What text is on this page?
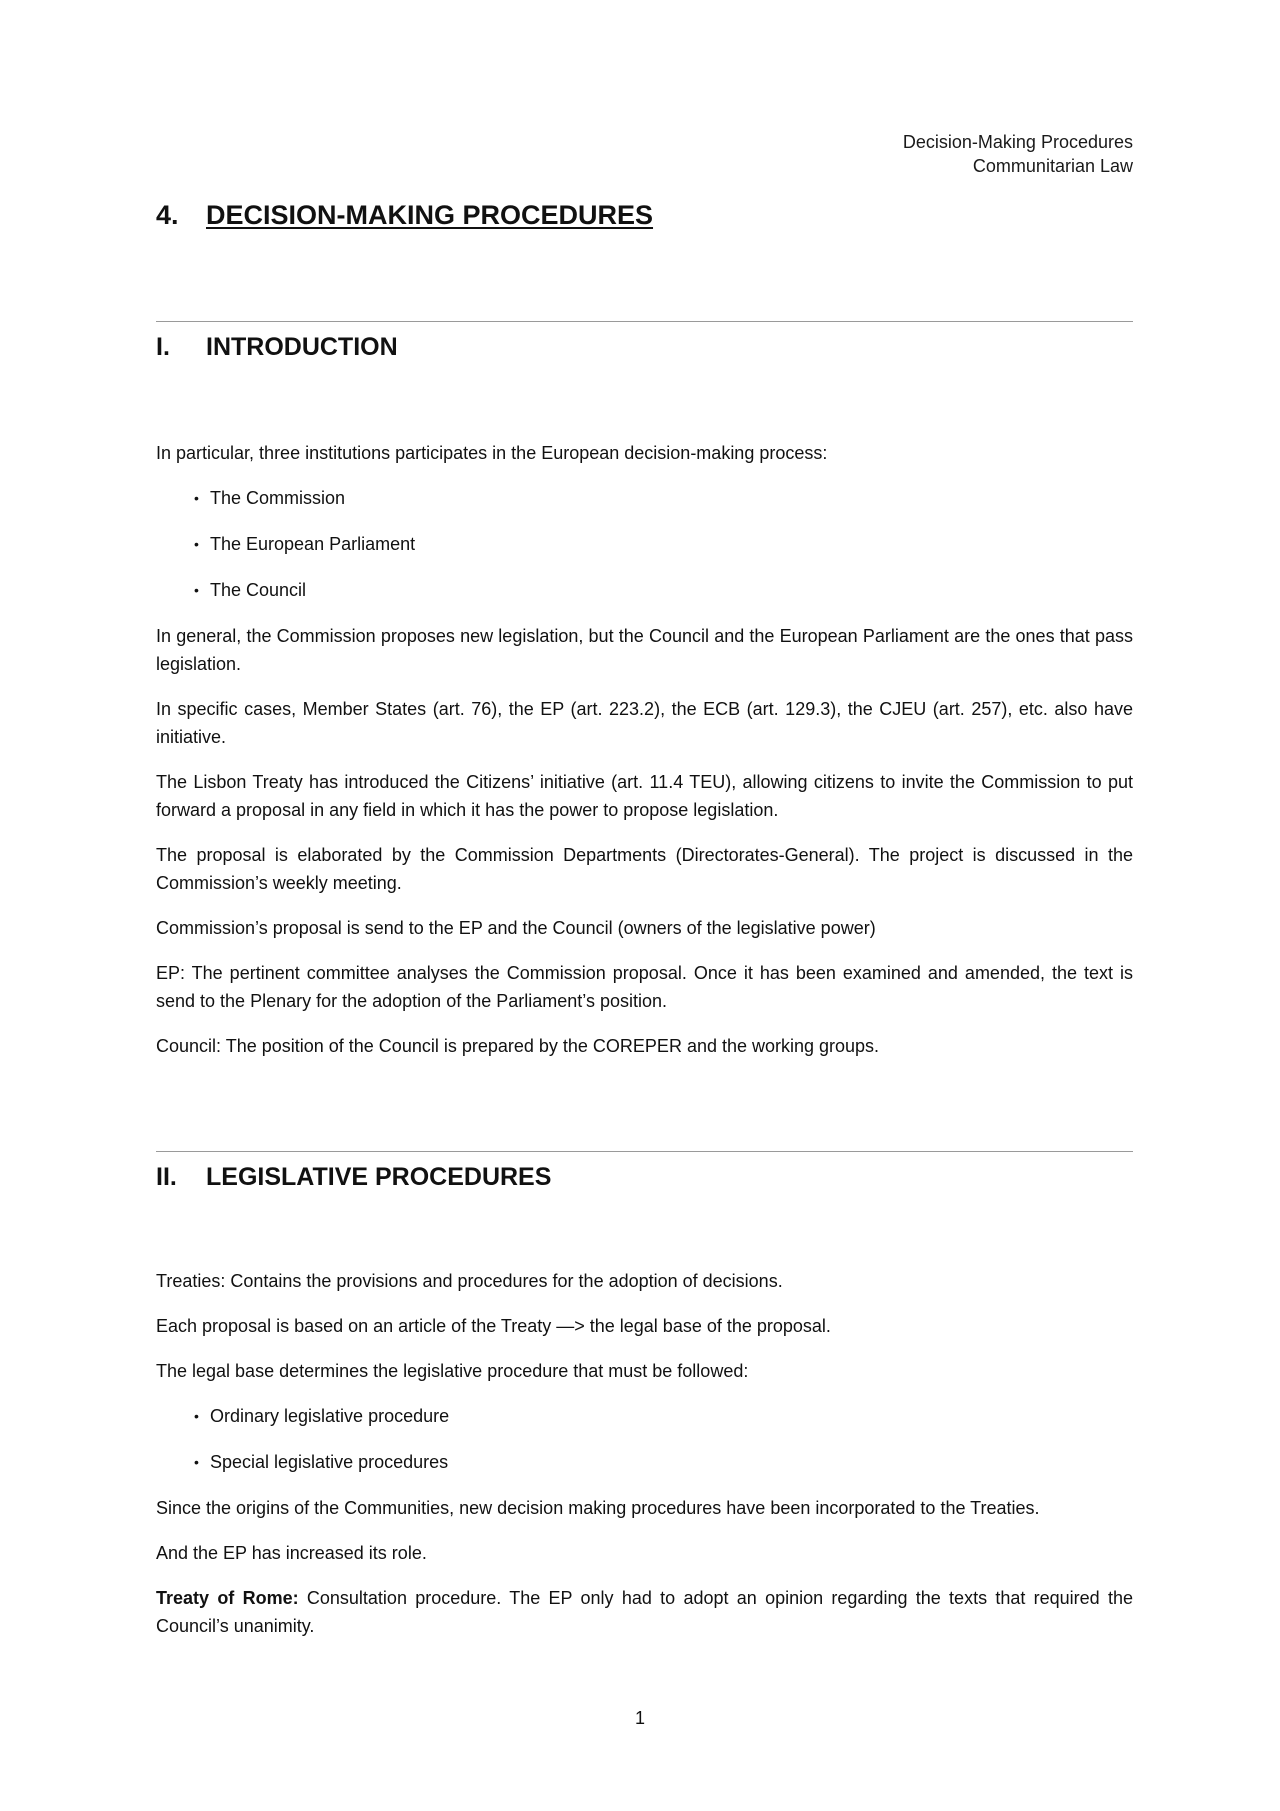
Decision-Making Procedures
Communitarian Law
4. DECISION-MAKING PROCEDURES
I. INTRODUCTION

In particular, three institutions participates in the European decision-making process:

• The Commission
• The European Parliament
• The Council

In general, the Commission proposes new legislation, but the Council and the European Parliament are the ones that pass legislation.

In specific cases, Member States (art. 76), the EP (art. 223.2), the ECB (art. 129.3), the CJEU (art. 257), etc. also have initiative.

The Lisbon Treaty has introduced the Citizens’ initiative (art. 11.4 TEU), allowing citizens to invite the Commission to put forward a proposal in any field in which it has the power to propose legislation.

The proposal is elaborated by the Commission Departments (Directorates-General). The project is discussed in the Commission’s weekly meeting.

Commission’s proposal is send to the EP and the Council (owners of the legislative power)

EP: The pertinent committee analyses the Commission proposal. Once it has been examined and amended, the text is send to the Plenary for the adoption of the Parliament’s position.

Council: The position of the Council is prepared by the COREPER and the working groups.

II. LEGISLATIVE PROCEDURES

Treaties: Contains the provisions and procedures for the adoption of decisions.

Each proposal is based on an article of the Treaty —> the legal base of the proposal.

The legal base determines the legislative procedure that must be followed:

• Ordinary legislative procedure
• Special legislative procedures

Since the origins of the Communities, new decision making procedures have been incorporated to the Treaties.

And the EP has increased its role.

Treaty of Rome: Consultation procedure. The EP only had to adopt an opinion regarding the texts that required the Council’s unanimity.

1
